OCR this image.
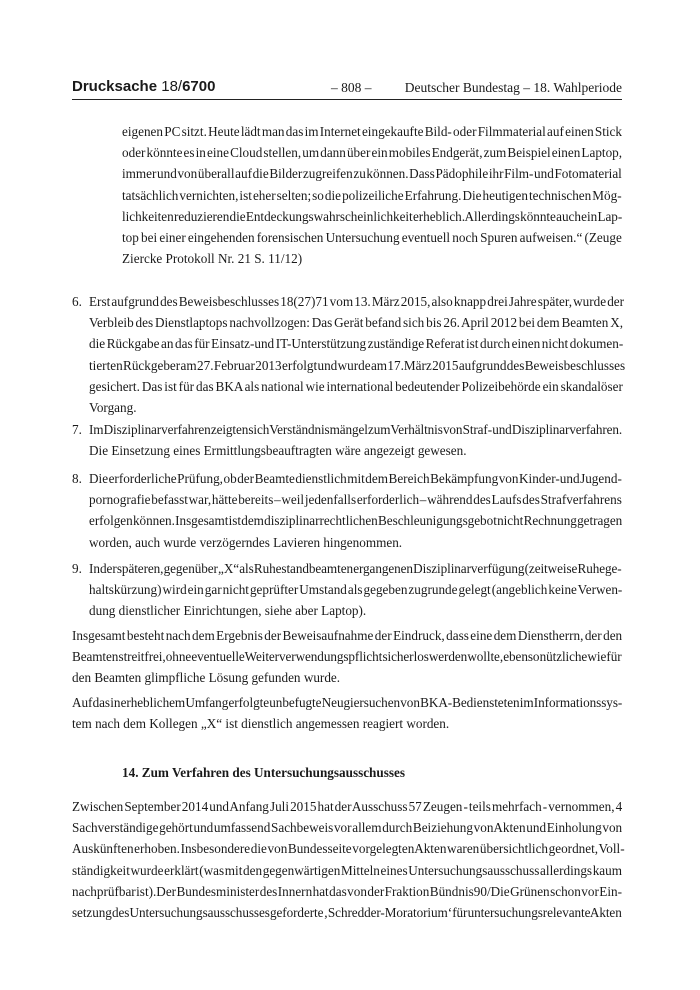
Drucksache 18/6700	– 808 – Deutscher Bundestag – 18. Wahlperiode
eigenen PC sitzt. Heute lädt man das im Internet eingekaufte Bild- oder Filmmaterial auf einen Stick
oder könnte es in eine Cloud stellen, um dann über ein mobiles Endgerät, zum Beispiel einen Laptop,
immer und von überall auf die Bilder zugreifen zu können. Dass Pädophile ihr Film- und Fotomaterial
tatsächlich vernichten, ist eher selten; so die polizeiliche Erfahrung. Die heutigen technischen Mög-
lichkeiten reduzieren die Entdeckungswahrscheinlichkeit erheblich. Allerdings könnte auch ein Lap-
top bei einer eingehenden forensischen Untersuchung eventuell noch Spuren aufweisen.“ (Zeuge
Ziercke Protokoll Nr. 21 S. 11/12)
6. Erst aufgrund des Beweisbeschlusses 18(27)71 vom 13. März 2015, also knapp drei Jahre später, wurde der
Verbleib des Dienstlaptops nachvollzogen: Das Gerät befand sich bis 26. April 2012 bei dem Beamten X,
die Rückgabe an das für Einsatz-und IT-Unterstützung zuständige Referat ist durch einen nicht dokumen-
tierten Rückgeber am 27. Februar 2013 erfolgt und wurde am 17.März 2015 aufgrund des Beweisbeschlusses
gesichert. Das ist für das BKA als national wie international bedeutender Polizeibehörde ein skandalöser
Vorgang.
7. Im Disziplinarverfahren zeigten sich Verständnismängel zum Verhältnis von Straf- und Disziplinarverfahren.
Die Einsetzung eines Ermittlungsbeauftragten wäre angezeigt gewesen.
8. Die erforderliche Prüfung, ob der Beamte dienstlich mit dem Bereich Bekämpfung von Kinder-und Jugend-
pornografie befasst war, hätte bereits – weil jedenfalls erforderlich – während des Laufs des Strafverfahrens
erfolgen können. Insgesamt ist dem disziplinarrechtlichen Beschleunigungsgebot nicht Rechnung getragen
worden, auch wurde verzögerndes Lavieren hingenommen.
9. In der späteren, gegenüber „X“ als Ruhestandbeamten ergangenen Disziplinarverfügung (zeitweise Ruhege-
haltskürzung) wird ein gar nicht geprüfter Umstand als gegeben zugrunde gelegt (angeblich keine Verwen-
dung dienstlicher Einrichtungen, siehe aber Laptop).
Insgesamt besteht nach dem Ergebnis der Beweisaufnahme der Eindruck, dass eine dem Dienstherrn, der den
Beamten streitfrei, ohne eventuelle Weiterverwendungspflicht sicher loswerden wollte, ebenso nützliche wie für
den Beamten glimpfliche Lösung gefunden wurde.
Auf das in erheblichem Umfang erfolgte unbefugte Neugiersuchen von BKA-Bediensteten im Informationssys-
tem nach dem Kollegen „X“ ist dienstlich angemessen reagiert worden.
14. Zum Verfahren des Untersuchungsausschusses
Zwischen September 2014 und Anfang Juli 2015 hat der Ausschuss 57 Zeugen - teils mehrfach - vernommen, 4
Sachverständige gehört und umfassend Sachbeweis vor allem durch Beiziehung von Akten und Einholung von
Auskünften erhoben. Insbesondere die von Bundesseite vorgelegten Akten waren übersichtlich geordnet, Voll-
ständigkeit wurde erklärt (was mit den gegenwärtigen Mitteln eines Untersuchungsausschuss allerdings kaum
nachprüfbar ist).Der Bundesminister des Innern hat das von der Fraktion Bündnis90/Die Grünen schon vor Ein-
setzung des Untersuchungsausschusses geforderte ‚Schredder-Moratorium‘ für untersuchungsrelevante Akten
